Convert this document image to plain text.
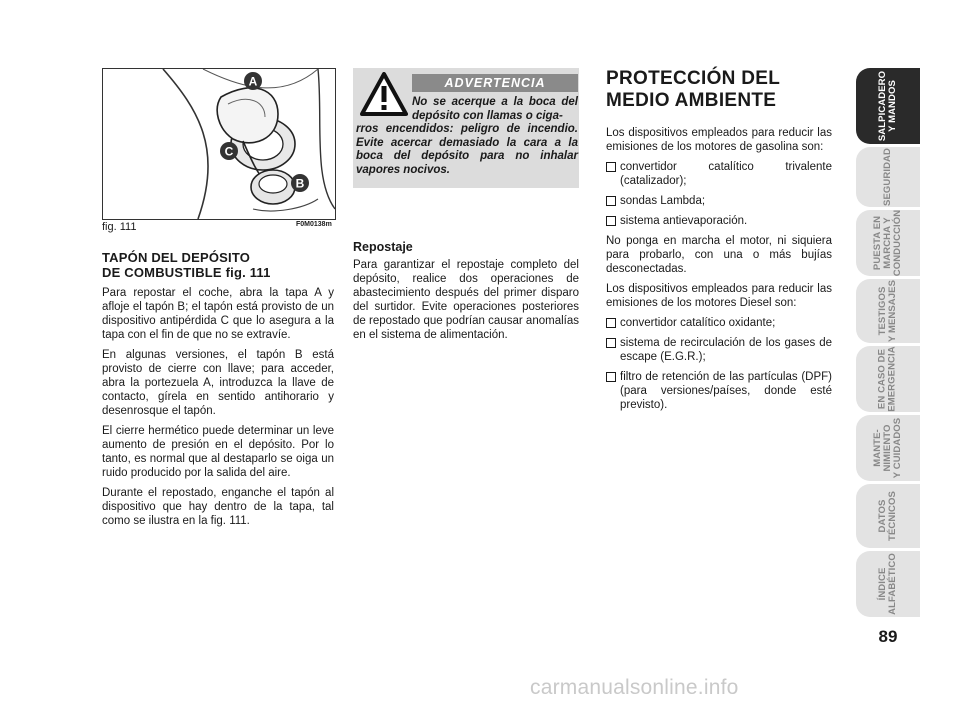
A
C
B
fig. 111	F0M0138m
TAPÓN DEL DEPÓSITO
DE COMBUSTIBLE fig. 111

Para repostar el coche, abra la tapa A y afloje el tapón B; el tapón está provisto de un dispositivo antipérdida C que lo asegura a la tapa con el fin de que no se extravíe.

En algunas versiones, el tapón B está provisto de cierre con llave; para acceder, abra la portezuela A, introduzca la llave de contacto, gírela en sentido antihorario y desenrosque el tapón.

El cierre hermético puede determinar un leve aumento de presión en el depósito. Por lo tanto, es normal que al destaparlo se oiga un ruido producido por la salida del aire.

Durante el repostado, enganche el tapón al dispositivo que hay dentro de la tapa, tal como se ilustra en la fig. 111.

ADVERTENCIA
No se acerque a la boca del depósito con llamas o ciga-
rros encendidos: peligro de incendio. Evite acercar demasiado la cara a la boca del depósito para no inhalar vapores nocivos.
Repostaje

Para garantizar el repostaje completo del depósito, realice dos operaciones de abastecimiento después del primer disparo del surtidor. Evite operaciones posteriores de repostado que podrían causar anomalías en el sistema de alimentación.

PROTECCIÓN DEL
MEDIO AMBIENTE

Los dispositivos empleados para reducir las emisiones de los motores de gasolina son:

convertidor catalítico trivalente (catalizador);
sondas Lambda;
sistema antievaporación.

No ponga en marcha el motor, ni siquiera para probarlo, con una o más bujías desconectadas.

Los dispositivos empleados para reducir las emisiones de los motores Diesel son:

convertidor catalítico oxidante;
sistema de recirculación de los gases de escape (E.G.R.);
filtro de retención de las partículas (DPF) (para versiones/países, donde esté previsto).
SALPICADERO
Y MANDOS
SEGURIDAD
PUESTA EN
MARCHA Y
CONDUCCIÓN
TESTIGOS
Y MENSAJES
EN CASO DE
EMERGENCIA
MANTE-
NIMIENTO
Y CUIDADOS
DATOS
TÉCNICOS
ÍNDICE
ALFABÉTICO
89
carmanualsonline.info
